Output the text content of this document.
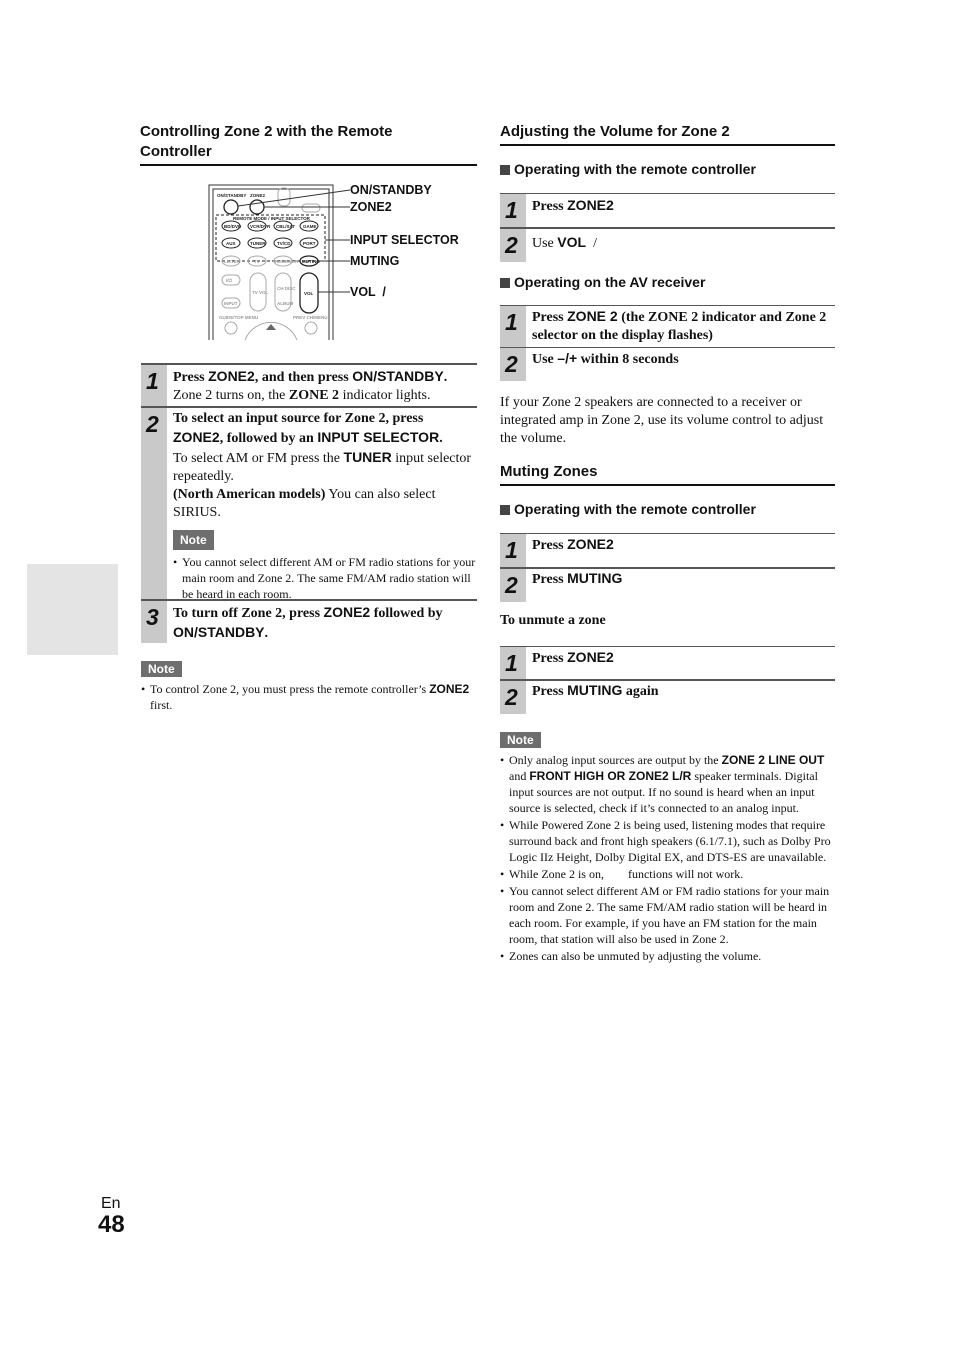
Controlling Zone 2 with the Remote Controller
ON/STANDBY ZONE2
REMOTE MODE / INPUT SELECTOR
BD/DVD VCR/DVR CBL/SAT GAME
AUX	TUNER	TV/CD	PORT
LISTEN	TV	RECEIVER MUTING
I/⏻
INPUT
TV VOL
CH DISC
ALBUM
VOL
GUIDE/TOP MENU	PREV CH/MENU
ON/STANDBY
ZONE2
INPUT SELECTOR
MUTING
VOL  /
1 Press ZONE2, and then press ON/STANDBY.
Zone 2 turns on, the ZONE 2 indicator lights.
2 To select an input source for Zone 2, press
ZONE2, followed by an INPUT SELECTOR.
To select AM or FM press the TUNER input selector repeatedly.
(North American models) You can also select SIRIUS.
Note
• You cannot select different AM or FM radio stations for your main room and Zone 2. The same FM/AM radio station will be heard in each room.
3 To turn off Zone 2, press ZONE2 followed by ON/STANDBY.
Note
• To control Zone 2, you must press the remote controller’s ZONE2 first.
Adjusting the Volume for Zone 2
Operating with the remote controller
1 Press ZONE2
2 Use VOL  /
Operating on the AV receiver
1 Press ZONE 2 (the ZONE 2 indicator and Zone 2 selector on the display flashes)
2 Use –/+ within 8 seconds
If your Zone 2 speakers are connected to a receiver or integrated amp in Zone 2, use its volume control to adjust the volume.
Muting Zones
Operating with the remote controller
1 Press ZONE2
2 Press MUTING
To unmute a zone
1 Press ZONE2
2 Press MUTING again
Note
• Only analog input sources are output by the ZONE 2 LINE OUT and FRONT HIGH OR ZONE2 L/R speaker terminals. Digital input sources are not output. If no sound is heard when an input source is selected, check if it’s connected to an analog input.
• While Powered Zone 2 is being used, listening modes that require surround back and front high speakers (6.1/7.1), such as Dolby Pro Logic IIz Height, Dolby Digital EX, and DTS-ES are unavailable.
• While Zone 2 is on,        functions will not work.
• You cannot select different AM or FM radio stations for your main room and Zone 2. The same FM/AM radio station will be heard in each room. For example, if you have an FM station for the main room, that station will also be used in Zone 2.
• Zones can also be unmuted by adjusting the volume.
En
48
